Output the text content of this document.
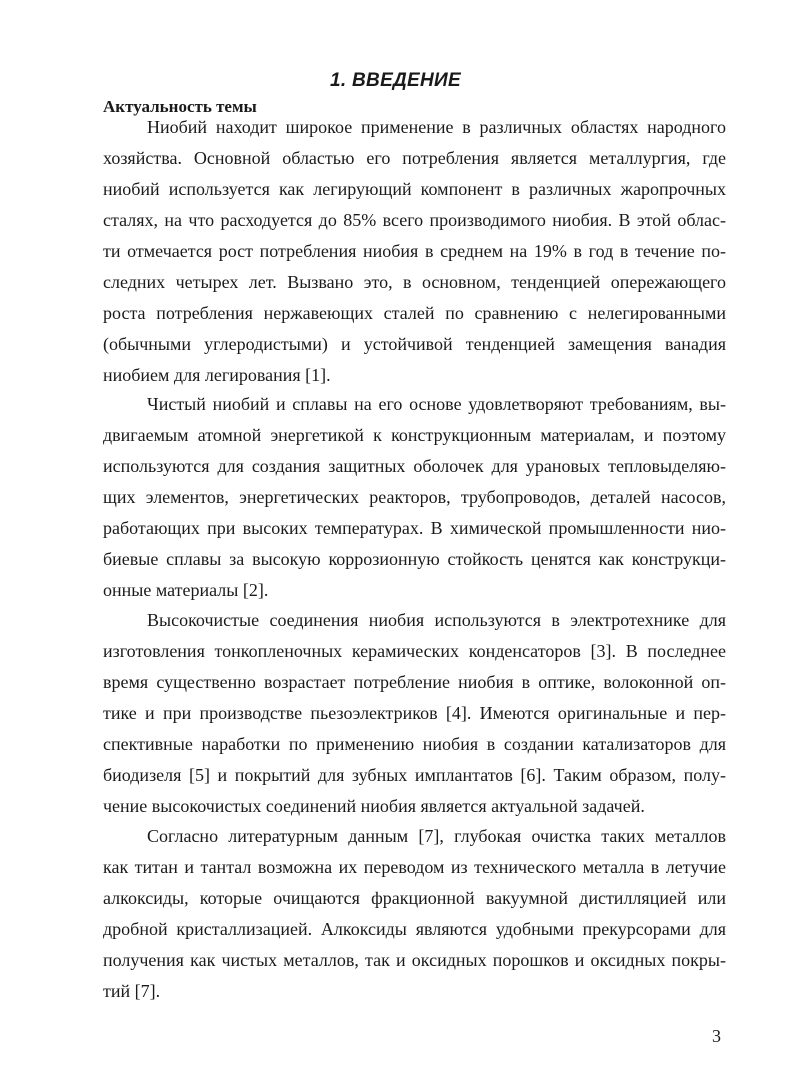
1. ВВЕДЕНИЕ
Актуальность темы
Ниобий находит широкое применение в различных областях народного
хозяйства. Основной областью его потребления является металлургия, где
ниобий используется как легирующий компонент в различных жаропрочных
сталях, на что расходуется до 85% всего производимого ниобия. В этой облас-
ти отмечается рост потребления ниобия в среднем на 19% в год в течение по-
следних четырех лет. Вызвано это, в основном, тенденцией опережающего
роста потребления нержавеющих сталей по сравнению с нелегированными
(обычными углеродистыми) и устойчивой тенденцией замещения ванадия
ниобием для легирования [1].
Чистый ниобий и сплавы на его основе удовлетворяют требованиям, вы-
двигаемым атомной энергетикой к конструкционным материалам, и поэтому
используются для создания защитных оболочек для урановых тепловыделяю-
щих элементов, энергетических реакторов, трубопроводов, деталей насосов,
работающих при высоких температурах. В химической промышленности нио-
биевые сплавы за высокую коррозионную стойкость ценятся как конструкци-
онные материалы [2].
Высокочистые соединения ниобия используются в электротехнике для
изготовления тонкопленочных керамических конденсаторов [3]. В последнее
время существенно возрастает потребление ниобия в оптике, волоконной оп-
тике и при производстве пьезоэлектриков [4]. Имеются оригинальные и пер-
спективные наработки по применению ниобия в создании катализаторов для
биодизеля [5] и покрытий для зубных имплантатов [6]. Таким образом, полу-
чение высокочистых соединений ниобия является актуальной задачей.
Согласно литературным данным [7], глубокая очистка таких металлов
как титан и тантал возможна их переводом из технического металла в летучие
алкоксиды, которые очищаются фракционной вакуумной дистилляцией или
дробной кристаллизацией. Алкоксиды являются удобными прекурсорами для
получения как чистых металлов, так и оксидных порошков и оксидных покры-
тий [7].
3
